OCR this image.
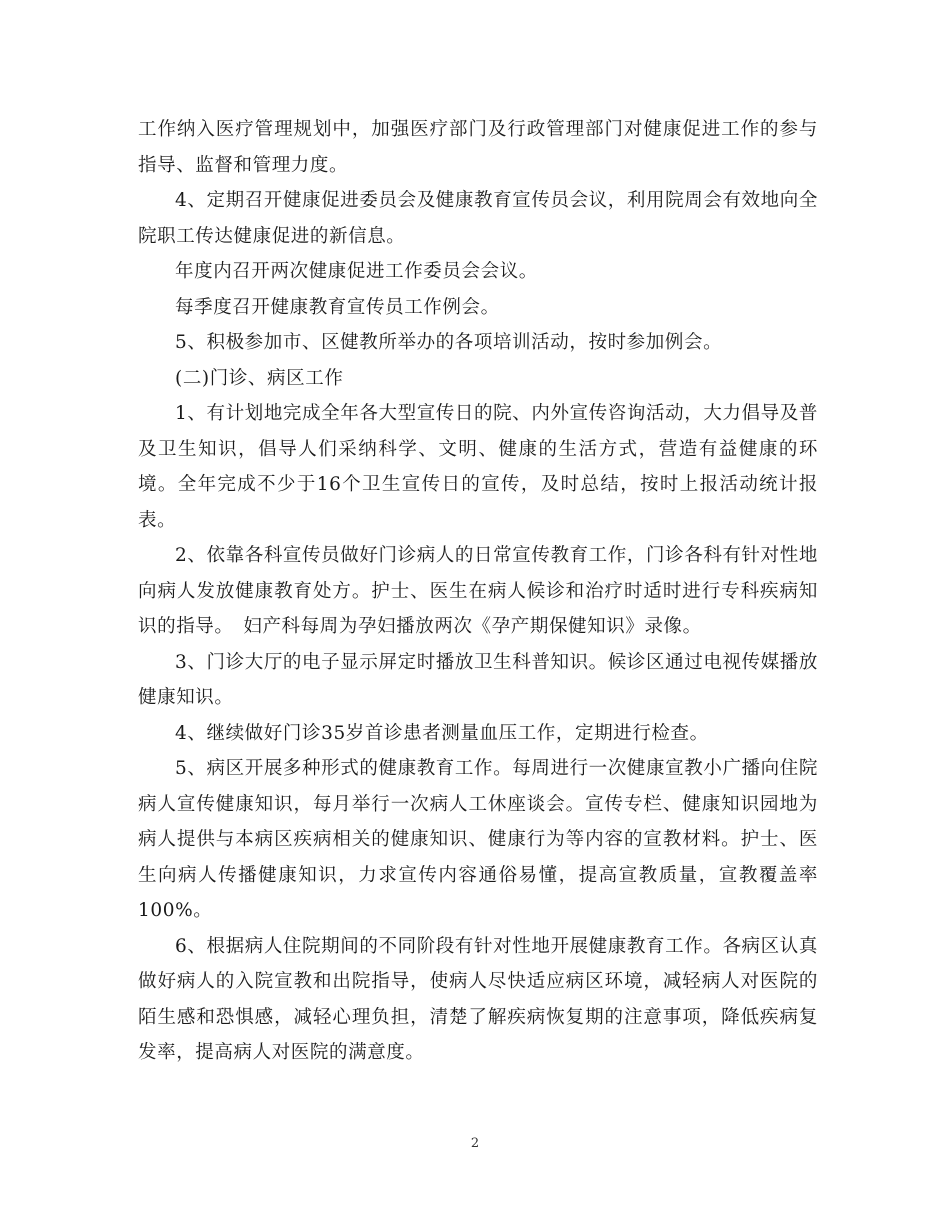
工作纳入医疗管理规划中，加强医疗部门及行政管理部门对健康促进工作的参与指导、监督和管理力度。

4、定期召开健康促进委员会及健康教育宣传员会议，利用院周会有效地向全院职工传达健康促进的新信息。

年度内召开两次健康促进工作委员会会议。

每季度召开健康教育宣传员工作例会。

5、积极参加市、区健教所举办的各项培训活动，按时参加例会。

(二)门诊、病区工作

1、有计划地完成全年各大型宣传日的院、内外宣传咨询活动，大力倡导及普及卫生知识，倡导人们采纳科学、文明、健康的生活方式，营造有益健康的环境。全年完成不少于16个卫生宣传日的宣传，及时总结，按时上报活动统计报表。

2、依靠各科宣传员做好门诊病人的日常宣传教育工作，门诊各科有针对性地向病人发放健康教育处方。护士、医生在病人候诊和治疗时适时进行专科疾病知识的指导。　妇产科每周为孕妇播放两次《孕产期保健知识》录像。

3、门诊大厅的电子显示屏定时播放卫生科普知识。候诊区通过电视传媒播放健康知识。

4、继续做好门诊35岁首诊患者测量血压工作，定期进行检查。

5、病区开展多种形式的健康教育工作。每周进行一次健康宣教小广播向住院病人宣传健康知识，每月举行一次病人工休座谈会。宣传专栏、健康知识园地为病人提供与本病区疾病相关的健康知识、健康行为等内容的宣教材料。护士、医生向病人传播健康知识，力求宣传内容通俗易懂，提高宣教质量，宣教覆盖率100%。

6、根据病人住院期间的不同阶段有针对性地开展健康教育工作。各病区认真做好病人的入院宣教和出院指导，使病人尽快适应病区环境，减轻病人对医院的陌生感和恐惧感，减轻心理负担，清楚了解疾病恢复期的注意事项，降低疾病复发率，提高病人对医院的满意度。

2
